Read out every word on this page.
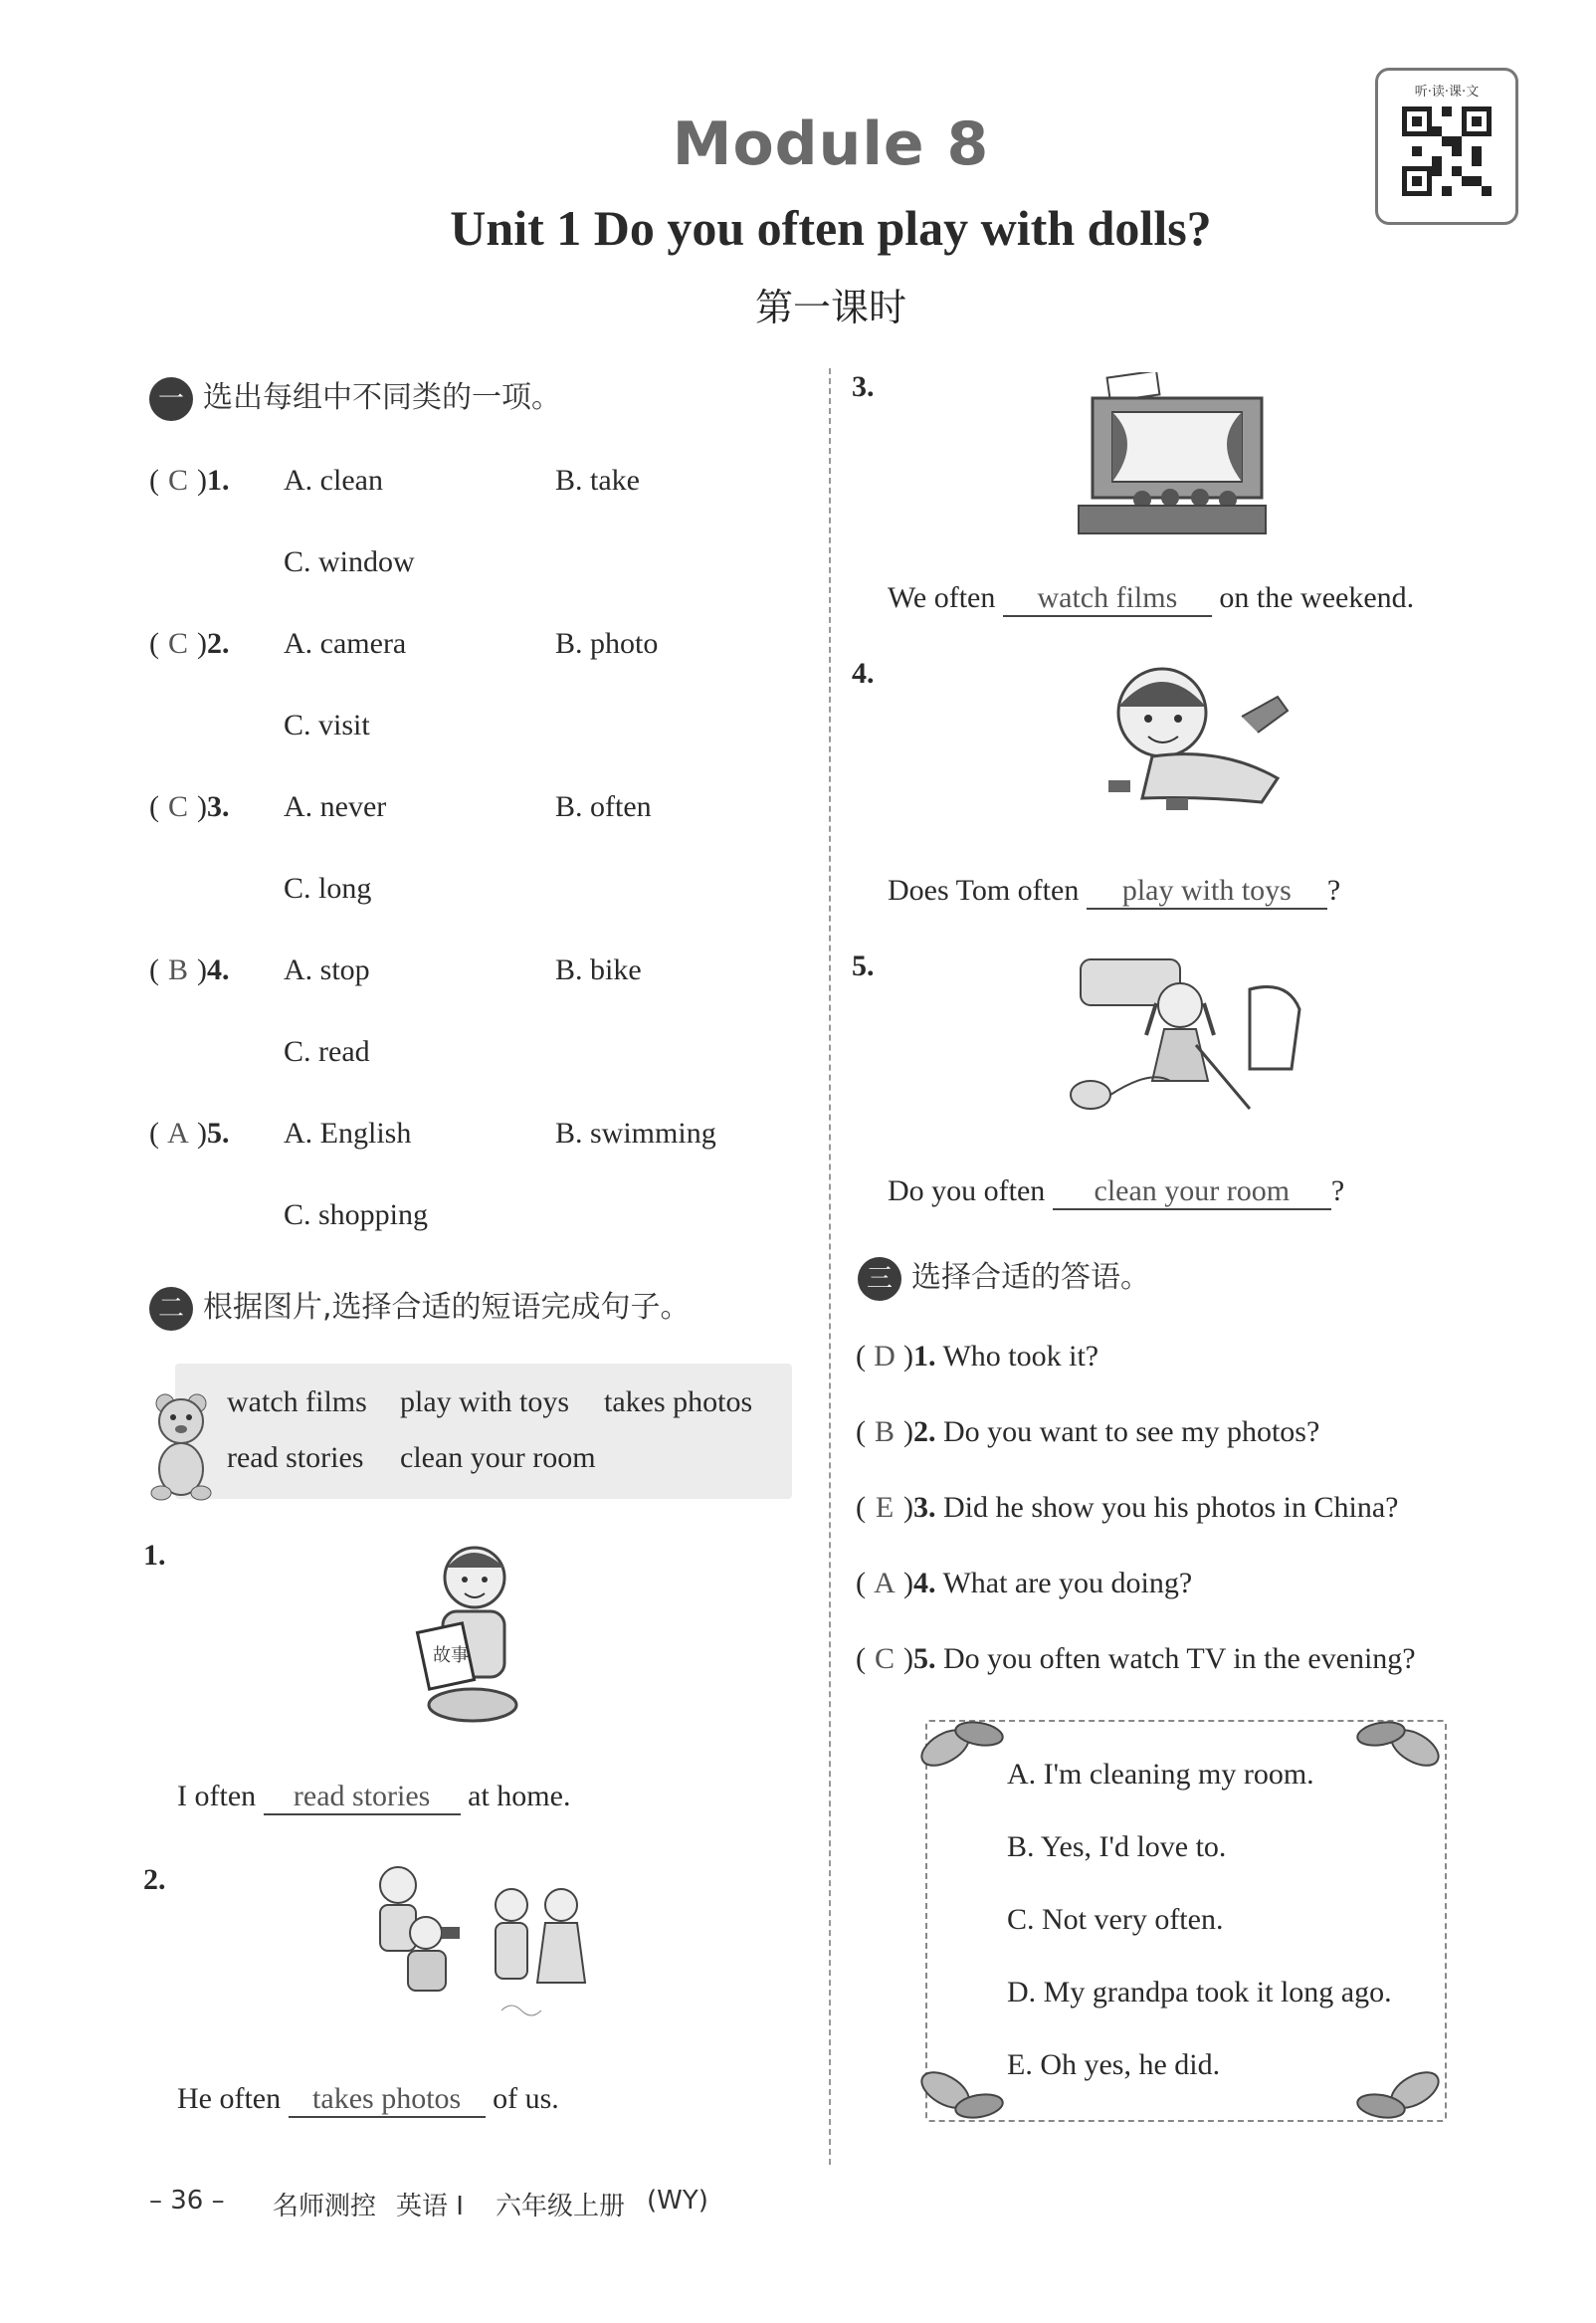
Module 8
Unit 1 Do you often play with dolls?
第一课时
听·读·课·文
一 选出每组中不同类的一项。
( C )1.	A. clean	B. take
C. window
( C )2.	A. camera	B. photo
C. visit
( C )3.	A. never	B. often
C. long
( B )4.	A. stop	B. bike
C. read
( A )5.	A. English	B. swimming
C. shopping
二 根据图片,选择合适的短语完成句子。
watch films play with toys takes photos
read stories clean your room
1.
故事
I often read stories at home.
2.
He often takes photos of us.
3.
We often watch films on the weekend.
4.
Does Tom often play with toys ?
5.
Do you often clean your room ?
三 选择合适的答语。
( D )1. Who took it?
( B )2. Do you want to see my photos?
( E )3. Did he show you his photos in China?
( A )4. What are you doing?
( C )5. Do you often watch TV in the evening?
A. I'm cleaning my room.
B. Yes, I'd love to.
C. Not very often.
D. My grandpa took it long ago.
E. Oh yes, he did.
– 36 – 名师测控 英语 I 六年级上册 (WY)
